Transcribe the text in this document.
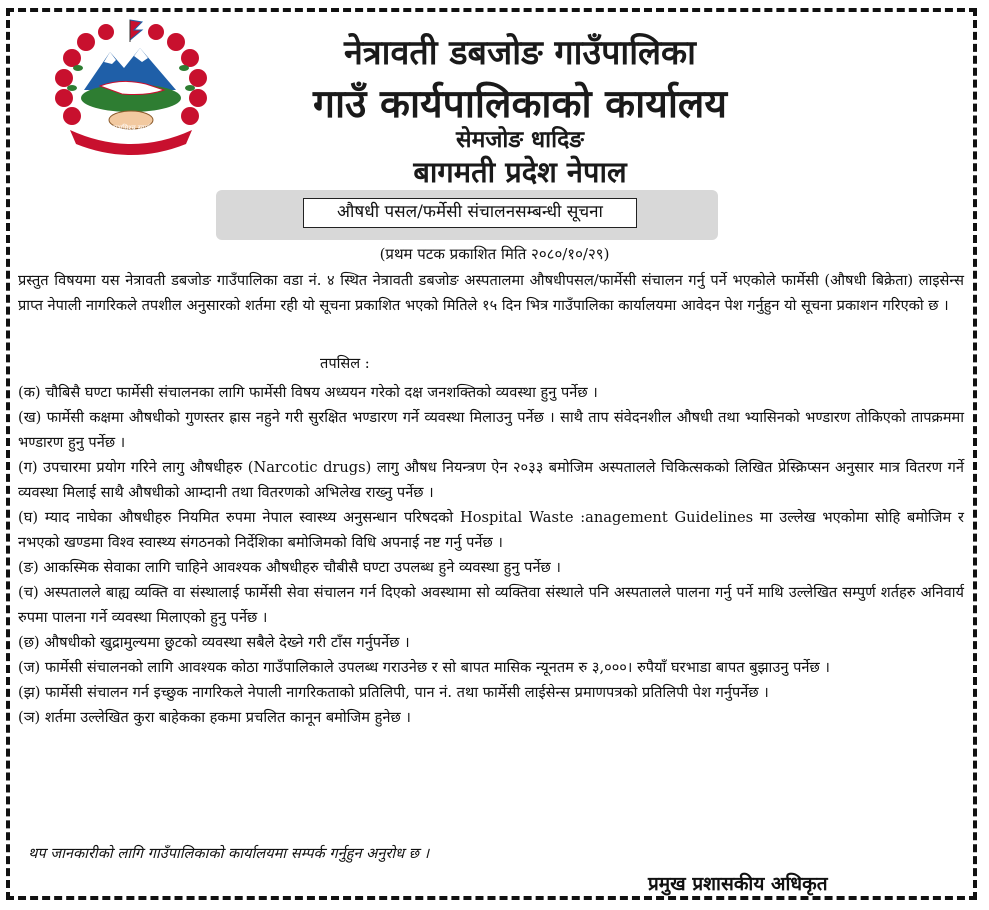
जननी जन्मभूमिश्च स्वर्गादपि गरीयसी
नेत्रावती डबजोङ गाउँपालिका
गाउँ कार्यपालिकाको कार्यालय
सेमजोङ धादिङ
बागमती प्रदेश नेपाल
औषधी पसल/फर्मेसी संचालनसम्बन्धी सूचना
(प्रथम पटक प्रकाशित मिति २०८०/१०/२९)
प्रस्तुत विषयमा यस नेत्रावती डबजोङ गाउँपालिका वडा नं. ४ स्थित नेत्रावती डबजोङ अस्पतालमा औषधीपसल/फार्मेसी संचालन गर्नु पर्ने भएकोले फार्मेसी (औषधी बिक्रेता) लाइसेन्स प्राप्त नेपाली नागरिकले तपशील अनुसारको शर्तमा रही यो सूचना प्रकाशित भएको मितिले १५ दिन भित्र गाउँपालिका कार्यालयमा आवेदन पेश गर्नुहुन यो सूचना प्रकाशन गरिएको छ ।
तपसिल :

(क) चौबिसै घण्टा फार्मेसी संचालनका लागि फार्मेसी विषय अध्ययन गरेको दक्ष जनशक्तिको व्यवस्था हुनु पर्नेछ ।

(ख) फार्मेसी कक्षमा औषधीको गुणस्तर ह्रास नहुने गरी सुरक्षित भण्डारण गर्ने व्यवस्था मिलाउनु पर्नेछ । साथै ताप संवेदनशील औषधी तथा भ्यासिनको भण्डारण तोकिएको तापक्रममा भण्डारण हुनु पर्नेछ ।

(ग) उपचारमा प्रयोग गरिने लागु औषधीहरु (Narcotic drugs) लागु औषध नियन्त्रण ऐन २०३३ बमोजिम अस्पतालले चिकित्सकको लिखित प्रेस्क्रिप्सन अनुसार मात्र वितरण गर्ने व्यवस्था मिलाई साथै औषधीको आम्दानी तथा वितरणको अभिलेख राख्नु पर्नेछ ।

(घ) म्याद नाघेका औषधीहरु नियमित रुपमा नेपाल स्वास्थ्य अनुसन्धान परिषदको Hospital Waste :anagement Guidelines मा उल्लेख भएकोमा सोहि बमोजिम र नभएको खण्डमा विश्व स्वास्थ्य संगठनको निर्देशिका बमोजिमको विधि अपनाई नष्ट गर्नु पर्नेछ ।

(ङ) आकस्मिक सेवाका लागि चाहिने आवश्यक औषधीहरु चौबीसै घण्टा उपलब्ध हुने व्यवस्था हुनु पर्नेछ ।

(च) अस्पतालले बाह्य व्यक्ति वा संस्थालाई फार्मेसी सेवा संचालन गर्न दिएको अवस्थामा सो व्यक्तिवा संस्थाले पनि अस्पतालले पालना गर्नु पर्ने माथि उल्लेखित सम्पुर्ण शर्तहरु अनिवार्य रुपमा पालना गर्ने व्यवस्था मिलाएको हुनु पर्नेछ ।

(छ) औषधीको खुद्रामुल्यमा छुटको व्यवस्था सबैले देख्ने गरी टाँस गर्नुपर्नेछ ।

(ज) फार्मेसी संचालनको लागि आवश्यक कोठा गाउँपालिकाले उपलब्ध गराउनेछ र सो बापत मासिक न्यूनतम रु ३,०००। रुपैयाँ घरभाडा बापत बुझाउनु पर्नेछ ।

(झ) फार्मेसी संचालन गर्न इच्छुक नागरिकले नेपाली नागरिकताको प्रतिलिपी, पान नं. तथा फार्मेसी लाईसेन्स प्रमाणपत्रको प्रतिलिपी पेश गर्नुपर्नेछ ।

(ञ) शर्तमा उल्लेखित कुरा बाहेकका हकमा प्रचलित कानून बमोजिम हुनेछ ।

थप जानकारीको लागि गाउँपालिकाको कार्यालयमा सम्पर्क गर्नुहुन अनुरोध छ ।
प्रमुख प्रशासकीय अधिकृत
